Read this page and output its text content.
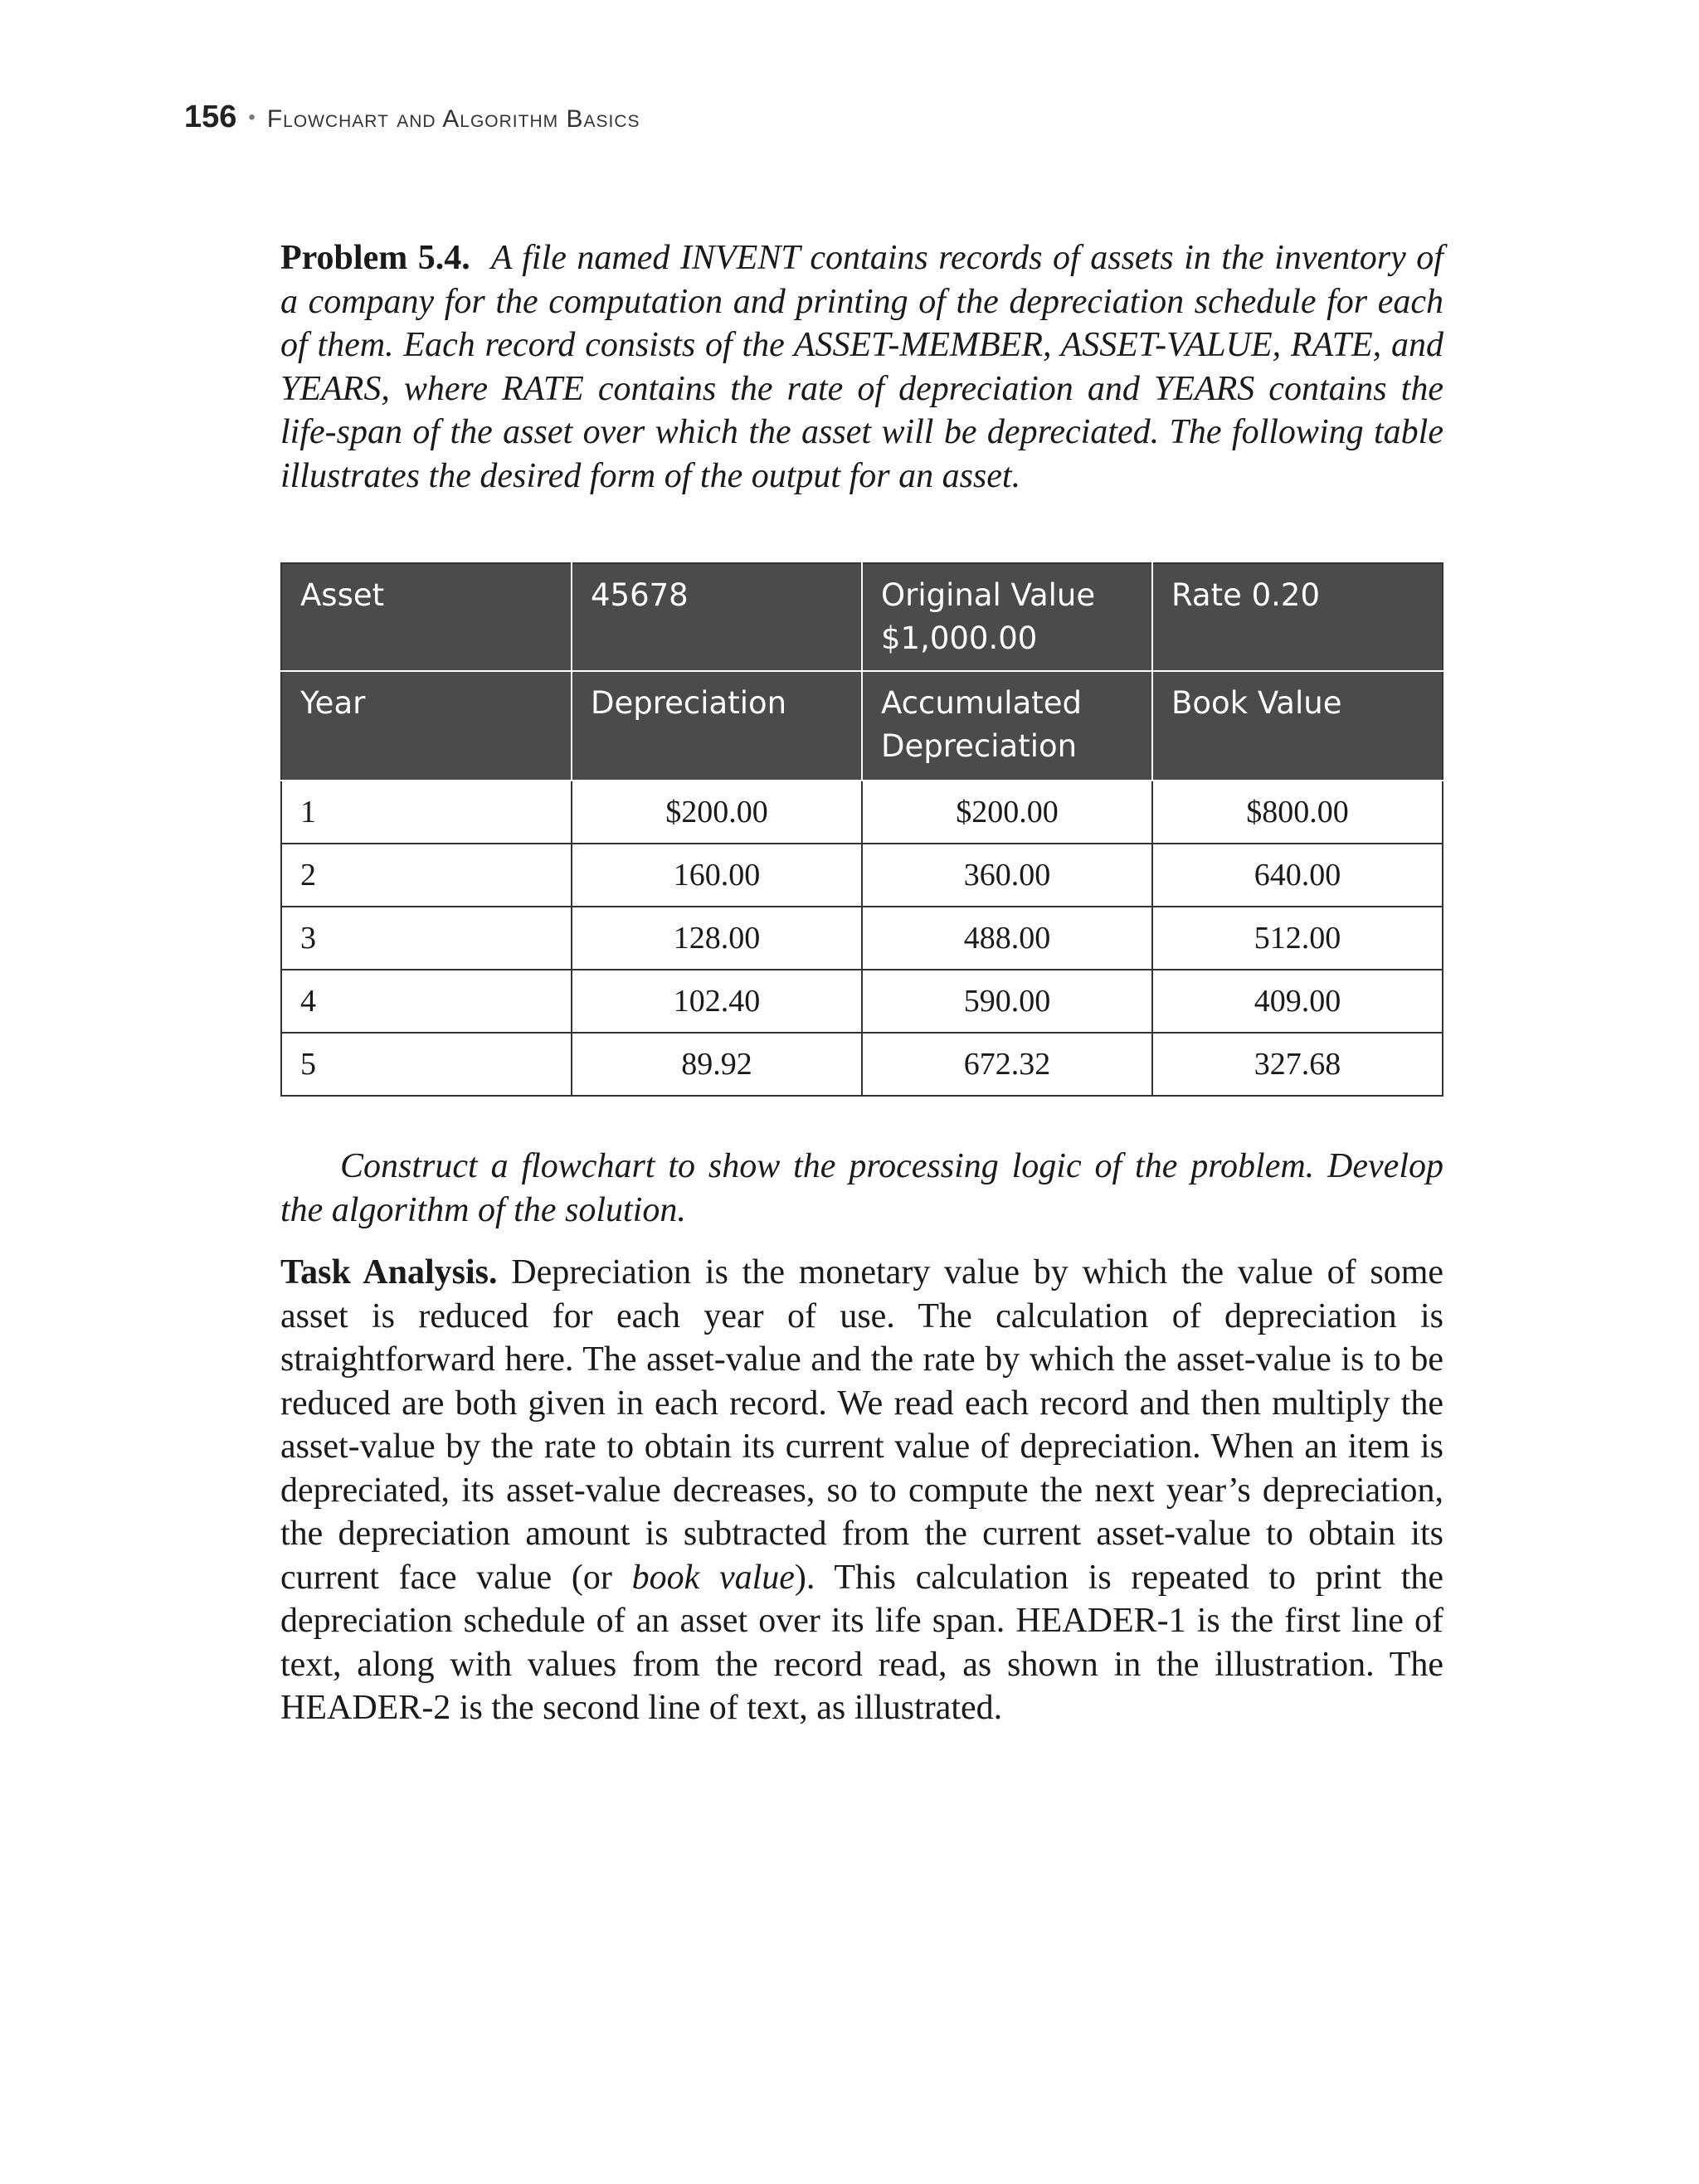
156 • Flowchart and Algorithm Basics

Problem 5.4. A file named INVENT contains records of assets in the inventory of a company for the computation and printing of the depreciation schedule for each of them. Each record consists of the ASSET-MEMBER, ASSET-VALUE, RATE, and YEARS, where RATE contains the rate of depreciation and YEARS contains the life-span of the asset over which the asset will be depreciated. The following table illustrates the desired form of the output for an asset.

Asset	45678	Original Value $1,000.00	Rate 0.20
Year	Depreciation	Accumulated Depreciation	Book Value
1	$200.00	$200.00	$800.00
2	160.00	360.00	640.00
3	128.00	488.00	512.00
4	102.40	590.00	409.00
5	89.92	672.32	327.68

Construct a flowchart to show the processing logic of the problem. Develop the algorithm of the solution.

Task Analysis. Depreciation is the monetary value by which the value of some asset is reduced for each year of use. The calculation of depreciation is straightforward here. The asset-value and the rate by which the asset-value is to be reduced are both given in each record. We read each record and then multiply the asset-value by the rate to obtain its current value of depreciation. When an item is depreciated, its asset-value decreases, so to compute the next year’s depreciation, the depreciation amount is subtracted from the current asset-value to obtain its current face value (or book value). This calculation is repeated to print the depreciation schedule of an asset over its life span. HEADER-1 is the first line of text, along with values from the record read, as shown in the illustration. The HEADER-2 is the second line of text, as illustrated.
